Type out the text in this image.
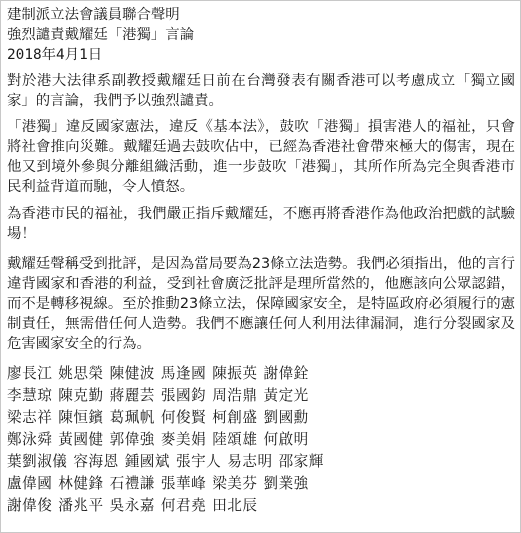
建制派立法會議員聯合聲明
強烈譴責戴耀廷「港獨」言論
2018年4月1日

對於港大法律系副教授戴耀廷日前在台灣發表有關香港可以考慮成立「獨立國家」的言論，我們予以強烈譴責。

「港獨」違反國家憲法，違反《基本法》，鼓吹「港獨」損害港人的福祉，只會將社會推向災難。戴耀廷過去鼓吹佔中，已經為香港社會帶來極大的傷害，現在他又到境外參與分離組織活動，進一步鼓吹「港獨」，其所作所為完全與香港市民利益背道而馳，令人憤怒。

為香港市民的福祉，我們嚴正指斥戴耀廷，不應再將香港作為他政治把戲的試驗場！

戴耀廷聲稱受到批評，是因為當局要為23條立法造勢。我們必須指出，他的言行違背國家和香港的利益，受到社會廣泛批評是理所當然的，他應該向公眾認錯，而不是轉移視線。至於推動23條立法，保障國家安全，是特區政府必須履行的憲制責任，無需借任何人造勢。我們不應讓任何人利用法律漏洞，進行分裂國家及危害國家安全的行為。

廖長江 姚思榮 陳健波 馬逢國 陳振英 謝偉銓
李慧琼 陳克勤 蔣麗芸 張國鈞 周浩鼎 黃定光
梁志祥 陳恒鑌 葛珮帆 何俊賢 柯創盛 劉國勳
鄭泳舜 黃國健 郭偉強 麥美娟 陸頌雄 何啟明
葉劉淑儀 容海恩 鍾國斌 張宇人 易志明 邵家輝
盧偉國 林健鋒 石禮謙 張華峰 梁美芬 劉業強
謝偉俊 潘兆平 吳永嘉 何君堯 田北辰
